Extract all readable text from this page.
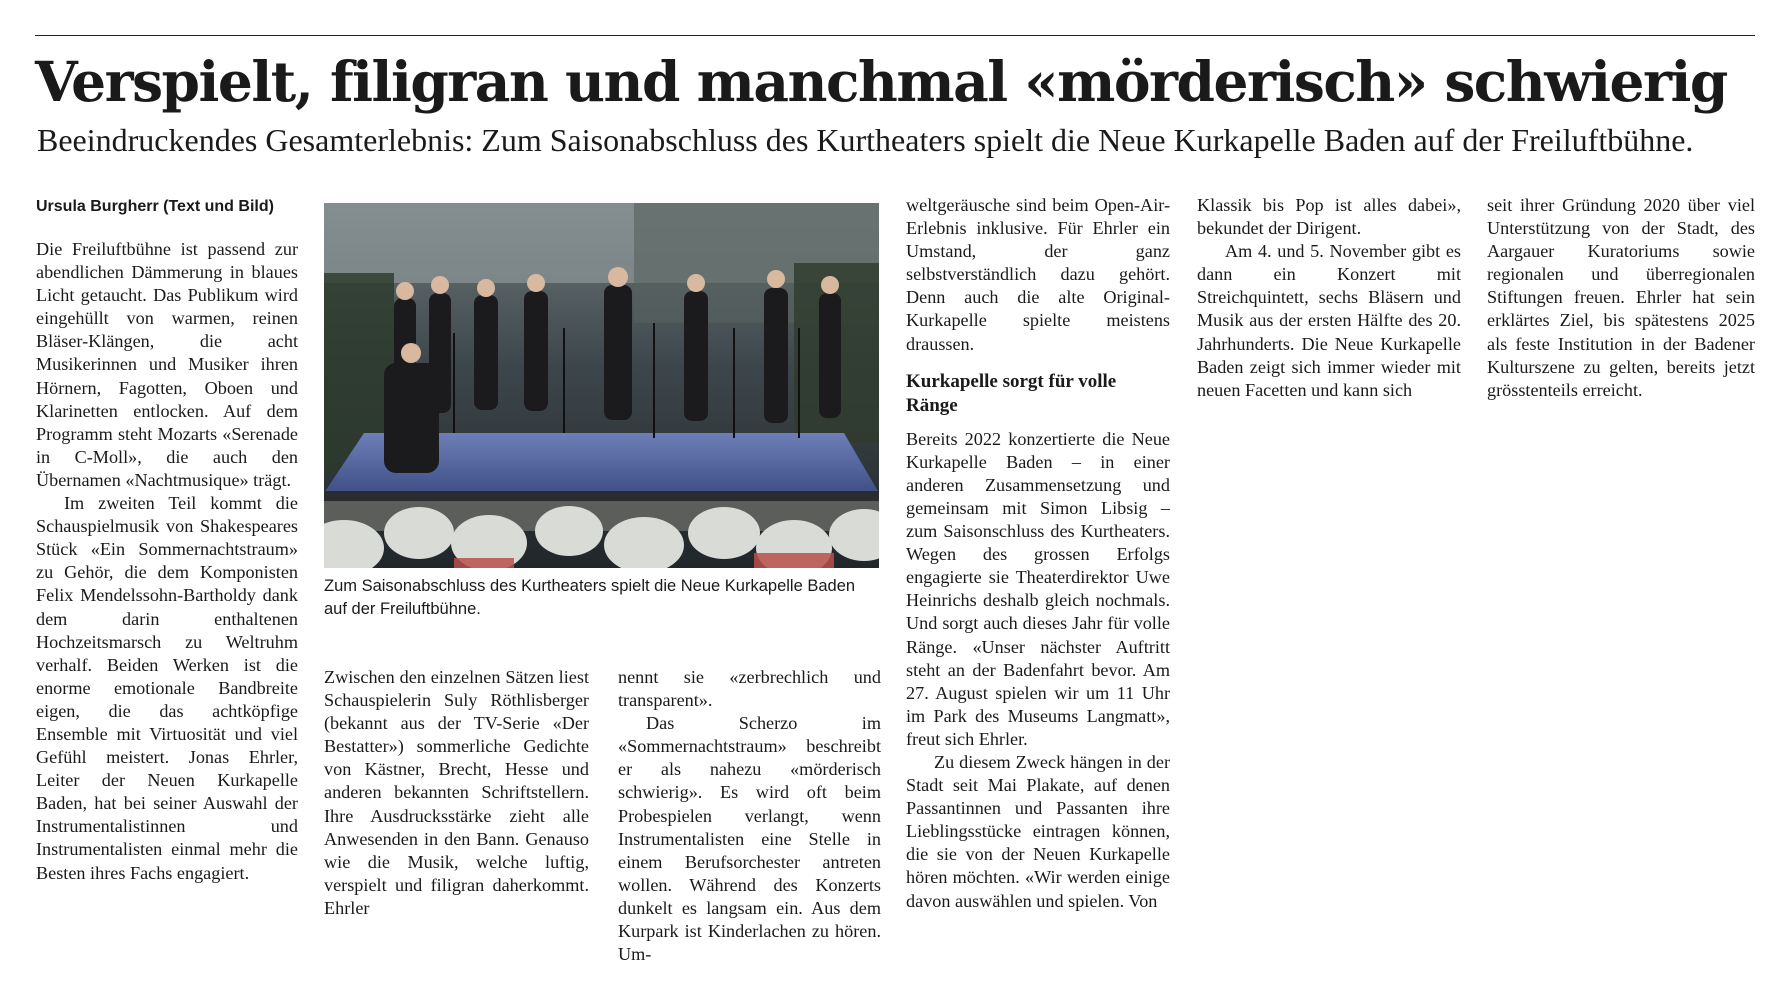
Verspielt, filigran und manchmal «mörderisch» schwierig

Beeindruckendes Gesamterlebnis: Zum Saisonabschluss des Kurtheaters spielt die Neue Kurkapelle Baden auf der Freiluftbühne.

Ursula Burgherr (Text und Bild)

Die Freiluftbühne ist passend zur abendlichen Dämmerung in blaues Licht getaucht. Das Publikum wird eingehüllt von warmen, reinen Bläser-Klängen, die acht Musikerinnen und Musiker ihren Hörnern, Fagotten, Oboen und Klarinetten entlocken. Auf dem Programm steht Mozarts «Serenade in C-Moll», die auch den Übernamen «Nachtmusique» trägt.

Im zweiten Teil kommt die Schauspielmusik von Shakespeares Stück «Ein Sommernachtstraum» zu Gehör, die dem Komponisten Felix Mendelssohn-Bartholdy dank dem darin enthaltenen Hochzeitsmarsch zu Weltruhm verhalf. Beiden Werken ist die enorme emotionale Bandbreite eigen, die das achtköpfige Ensemble mit Virtuosität und viel Gefühl meistert. Jonas Ehrler, Leiter der Neuen Kurkapelle Baden, hat bei seiner Auswahl der Instrumentalistinnen und Instrumentalisten einmal mehr die Besten ihres Fachs engagiert.

Zum Saisonabschluss des Kurtheaters spielt die Neue Kurkapelle Baden auf der Freiluftbühne.

Zwischen den einzelnen Sätzen liest Schauspielerin Suly Röthlisberger (bekannt aus der TV-Serie «Der Bestatter») sommerliche Gedichte von Kästner, Brecht, Hesse und anderen bekannten Schriftstellern. Ihre Ausdrucksstärke zieht alle Anwesenden in den Bann. Genauso wie die Musik, welche luftig, verspielt und filigran daherkommt. Ehrler

nennt sie «zerbrechlich und transparent».

Das Scherzo im «Sommernachtstraum» beschreibt er als nahezu «mörderisch schwierig». Es wird oft beim Probespielen verlangt, wenn Instrumentalisten eine Stelle in einem Berufsorchester antreten wollen. Während des Konzerts dunkelt es langsam ein. Aus dem Kurpark ist Kinderlachen zu hören. Um-

weltgeräusche sind beim Open-Air-Erlebnis inklusive. Für Ehrler ein Umstand, der ganz selbstverständlich dazu gehört. Denn auch die alte Original-Kurkapelle spielte meistens draussen.

Kurkapelle sorgt für volle Ränge

Bereits 2022 konzertierte die Neue Kurkapelle Baden – in einer anderen Zusammensetzung und gemeinsam mit Simon Libsig – zum Saisonschluss des Kurtheaters. Wegen des grossen Erfolgs engagierte sie Theaterdirektor Uwe Heinrichs deshalb gleich nochmals. Und sorgt auch dieses Jahr für volle Ränge. «Unser nächster Auftritt steht an der Badenfahrt bevor. Am 27. August spielen wir um 11 Uhr im Park des Museums Langmatt», freut sich Ehrler.

Zu diesem Zweck hängen in der Stadt seit Mai Plakate, auf denen Passantinnen und Passanten ihre Lieblingsstücke eintragen können, die sie von der Neuen Kurkapelle hören möchten. «Wir werden einige davon auswählen und spielen. Von

Klassik bis Pop ist alles dabei», bekundet der Dirigent.

Am 4. und 5. November gibt es dann ein Konzert mit Streichquintett, sechs Bläsern und Musik aus der ersten Hälfte des 20. Jahrhunderts. Die Neue Kurkapelle Baden zeigt sich immer wieder mit neuen Facetten und kann sich

seit ihrer Gründung 2020 über viel Unterstützung von der Stadt, des Aargauer Kuratoriums sowie regionalen und überregionalen Stiftungen freuen. Ehrler hat sein erklärtes Ziel, bis spätestens 2025 als feste Institution in der Badener Kulturszene zu gelten, bereits jetzt grösstenteils erreicht.
